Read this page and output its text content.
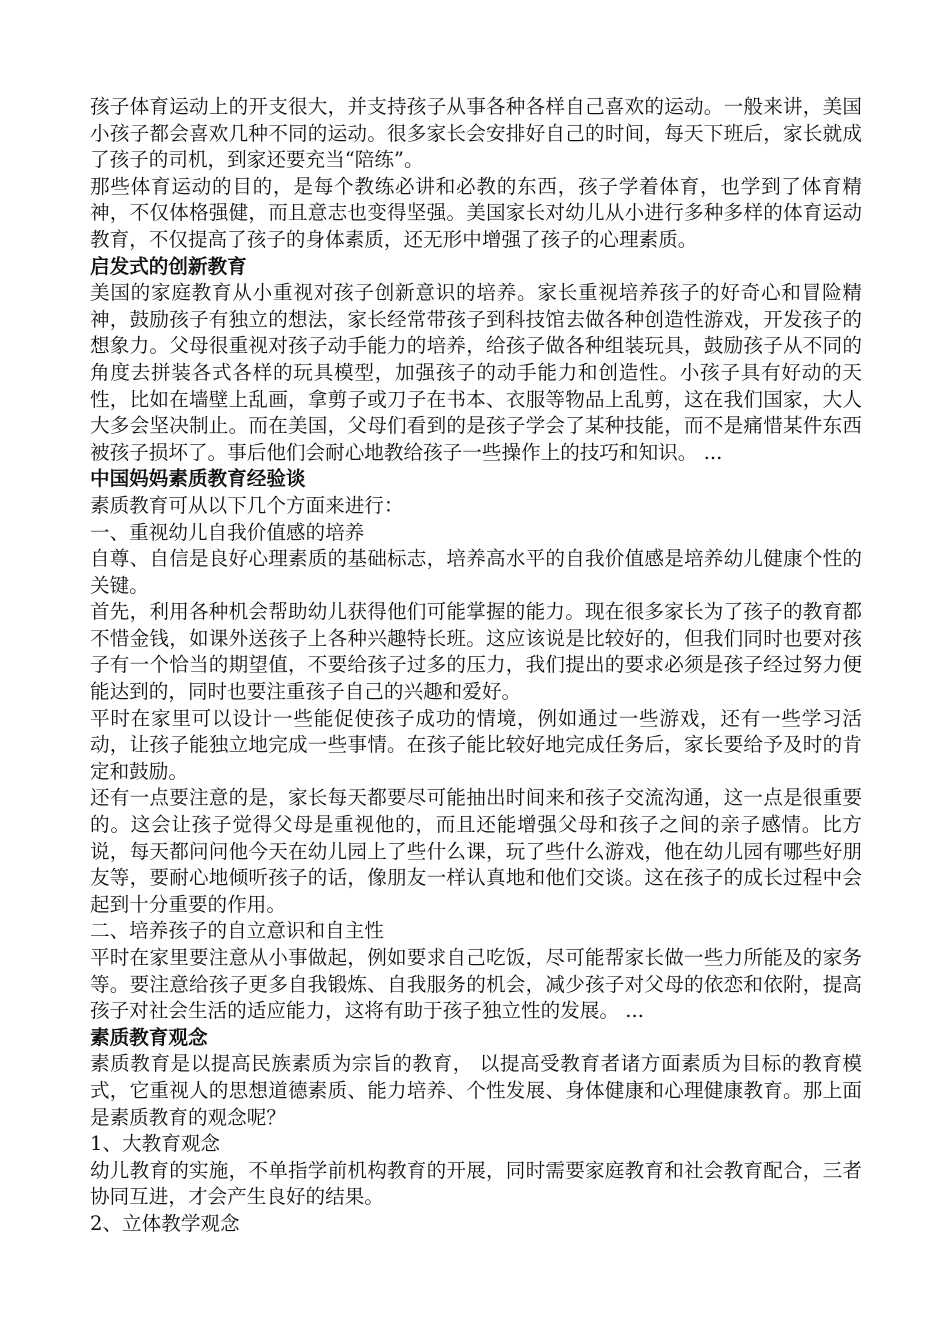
孩子体育运动上的开支很大，并支持孩子从事各种各样自己喜欢的运动。一般来讲，美国小孩子都会喜欢几种不同的运动。很多家长会安排好自己的时间，每天下班后，家长就成了孩子的司机，到家还要充当“陪练”。

那些体育运动的目的，是每个教练必讲和必教的东西，孩子学着体育，也学到了体育精神，不仅体格强健，而且意志也变得坚强。美国家长对幼儿从小进行多种多样的体育运动教育，不仅提高了孩子的身体素质，还无形中增强了孩子的心理素质。

启发式的创新教育

美国的家庭教育从小重视对孩子创新意识的培养。家长重视培养孩子的好奇心和冒险精神，鼓励孩子有独立的想法，家长经常带孩子到科技馆去做各种创造性游戏，开发孩子的想象力。父母很重视对孩子动手能力的培养，给孩子做各种组装玩具，鼓励孩子从不同的角度去拼装各式各样的玩具模型，加强孩子的动手能力和创造性。小孩子具有好动的天性，比如在墙壁上乱画，拿剪子或刀子在书本、衣服等物品上乱剪，这在我们国家，大人大多会坚决制止。而在美国，父母们看到的是孩子学会了某种技能，而不是痛惜某件东西被孩子损坏了。事后他们会耐心地教给孩子一些操作上的技巧和知识。 ...

中国妈妈素质教育经验谈

素质教育可从以下几个方面来进行：

一、重视幼儿自我价值感的培养

自尊、自信是良好心理素质的基础标志，培养高水平的自我价值感是培养幼儿健康个性的关键。

首先，利用各种机会帮助幼儿获得他们可能掌握的能力。现在很多家长为了孩子的教育都不惜金钱，如课外送孩子上各种兴趣特长班。这应该说是比较好的，但我们同时也要对孩子有一个恰当的期望值，不要给孩子过多的压力，我们提出的要求必须是孩子经过努力便能达到的，同时也要注重孩子自己的兴趣和爱好。

平时在家里可以设计一些能促使孩子成功的情境，例如通过一些游戏，还有一些学习活动，让孩子能独立地完成一些事情。在孩子能比较好地完成任务后，家长要给予及时的肯定和鼓励。

还有一点要注意的是，家长每天都要尽可能抽出时间来和孩子交流沟通，这一点是很重要的。这会让孩子觉得父母是重视他的，而且还能增强父母和孩子之间的亲子感情。比方说，每天都问问他今天在幼儿园上了些什么课，玩了些什么游戏，他在幼儿园有哪些好朋友等，要耐心地倾听孩子的话，像朋友一样认真地和他们交谈。这在孩子的成长过程中会起到十分重要的作用。

二、培养孩子的自立意识和自主性

平时在家里要注意从小事做起，例如要求自己吃饭，尽可能帮家长做一些力所能及的家务等。要注意给孩子更多自我锻炼、自我服务的机会，减少孩子对父母的依恋和依附，提高孩子对社会生活的适应能力，这将有助于孩子独立性的发展。 ...

素质教育观念

素质教育是以提高民族素质为宗旨的教育， 以提高受教育者诸方面素质为目标的教育模式，它重视人的思想道德素质、能力培养、个性发展、身体健康和心理健康教育。那上面是素质教育的观念呢？

1、大教育观念

幼儿教育的实施，不单指学前机构教育的开展，同时需要家庭教育和社会教育配合，三者协同互进，才会产生良好的结果。

2、立体教学观念
